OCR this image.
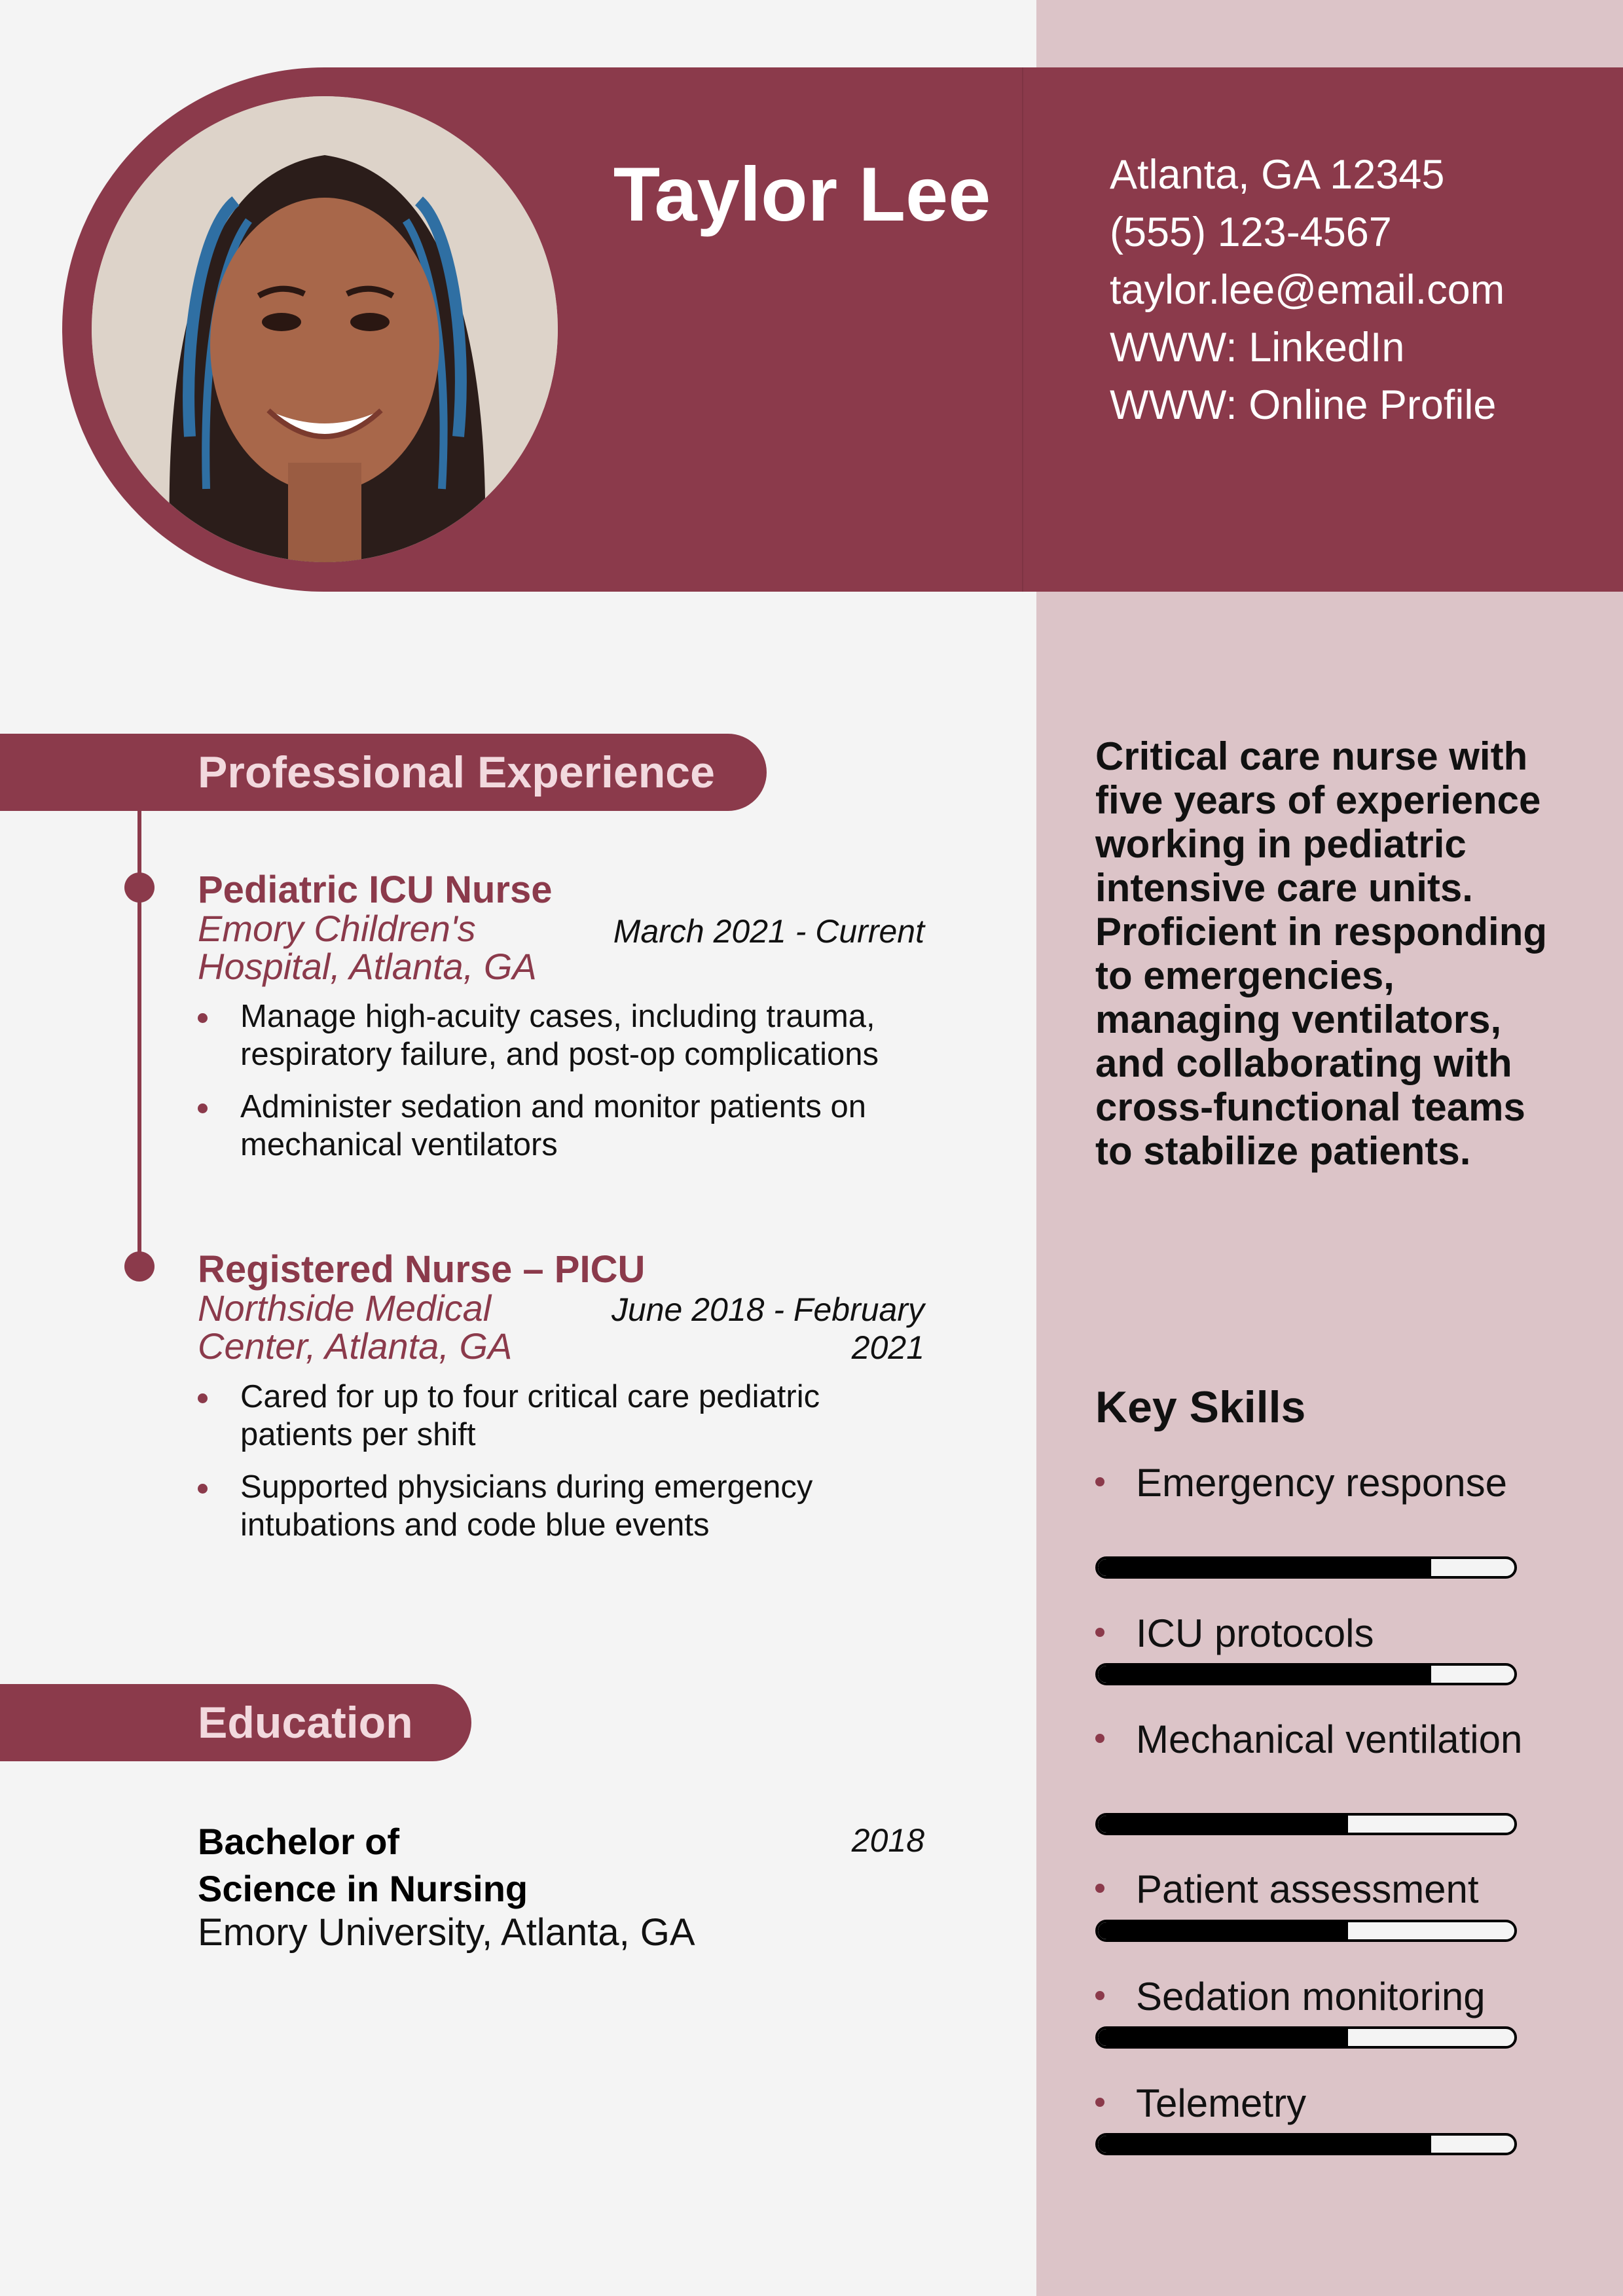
Taylor Lee	Atlanta, GA 12345
(555) 123-4567
taylor.lee@email.com
WWW: LinkedIn
WWW: Online Profile
Professional Experience
Pediatric ICU Nurse
Emory Children's
Hospital, Atlanta, GA
March 2021 - Current
Manage high-acuity cases, including trauma, respiratory failure, and post-op complications
Administer sedation and monitor patients on mechanical ventilators
Registered Nurse – PICU
Northside Medical
Center, Atlanta, GA
June 2018 - February
2021
Cared for up to four critical care pediatric patients per shift
Supported physicians during emergency intubations and code blue events
Education
Bachelor of
Science in Nursing
2018
Emory University, Atlanta, GA
Critical care nurse with five years of experience working in pediatric intensive care units. Proficient in responding to emergencies, managing ventilators, and collaborating with cross-functional teams to stabilize patients.
Key Skills
Emergency response
ICU protocols
Mechanical ventilation
Patient assessment
Sedation monitoring
Telemetry
